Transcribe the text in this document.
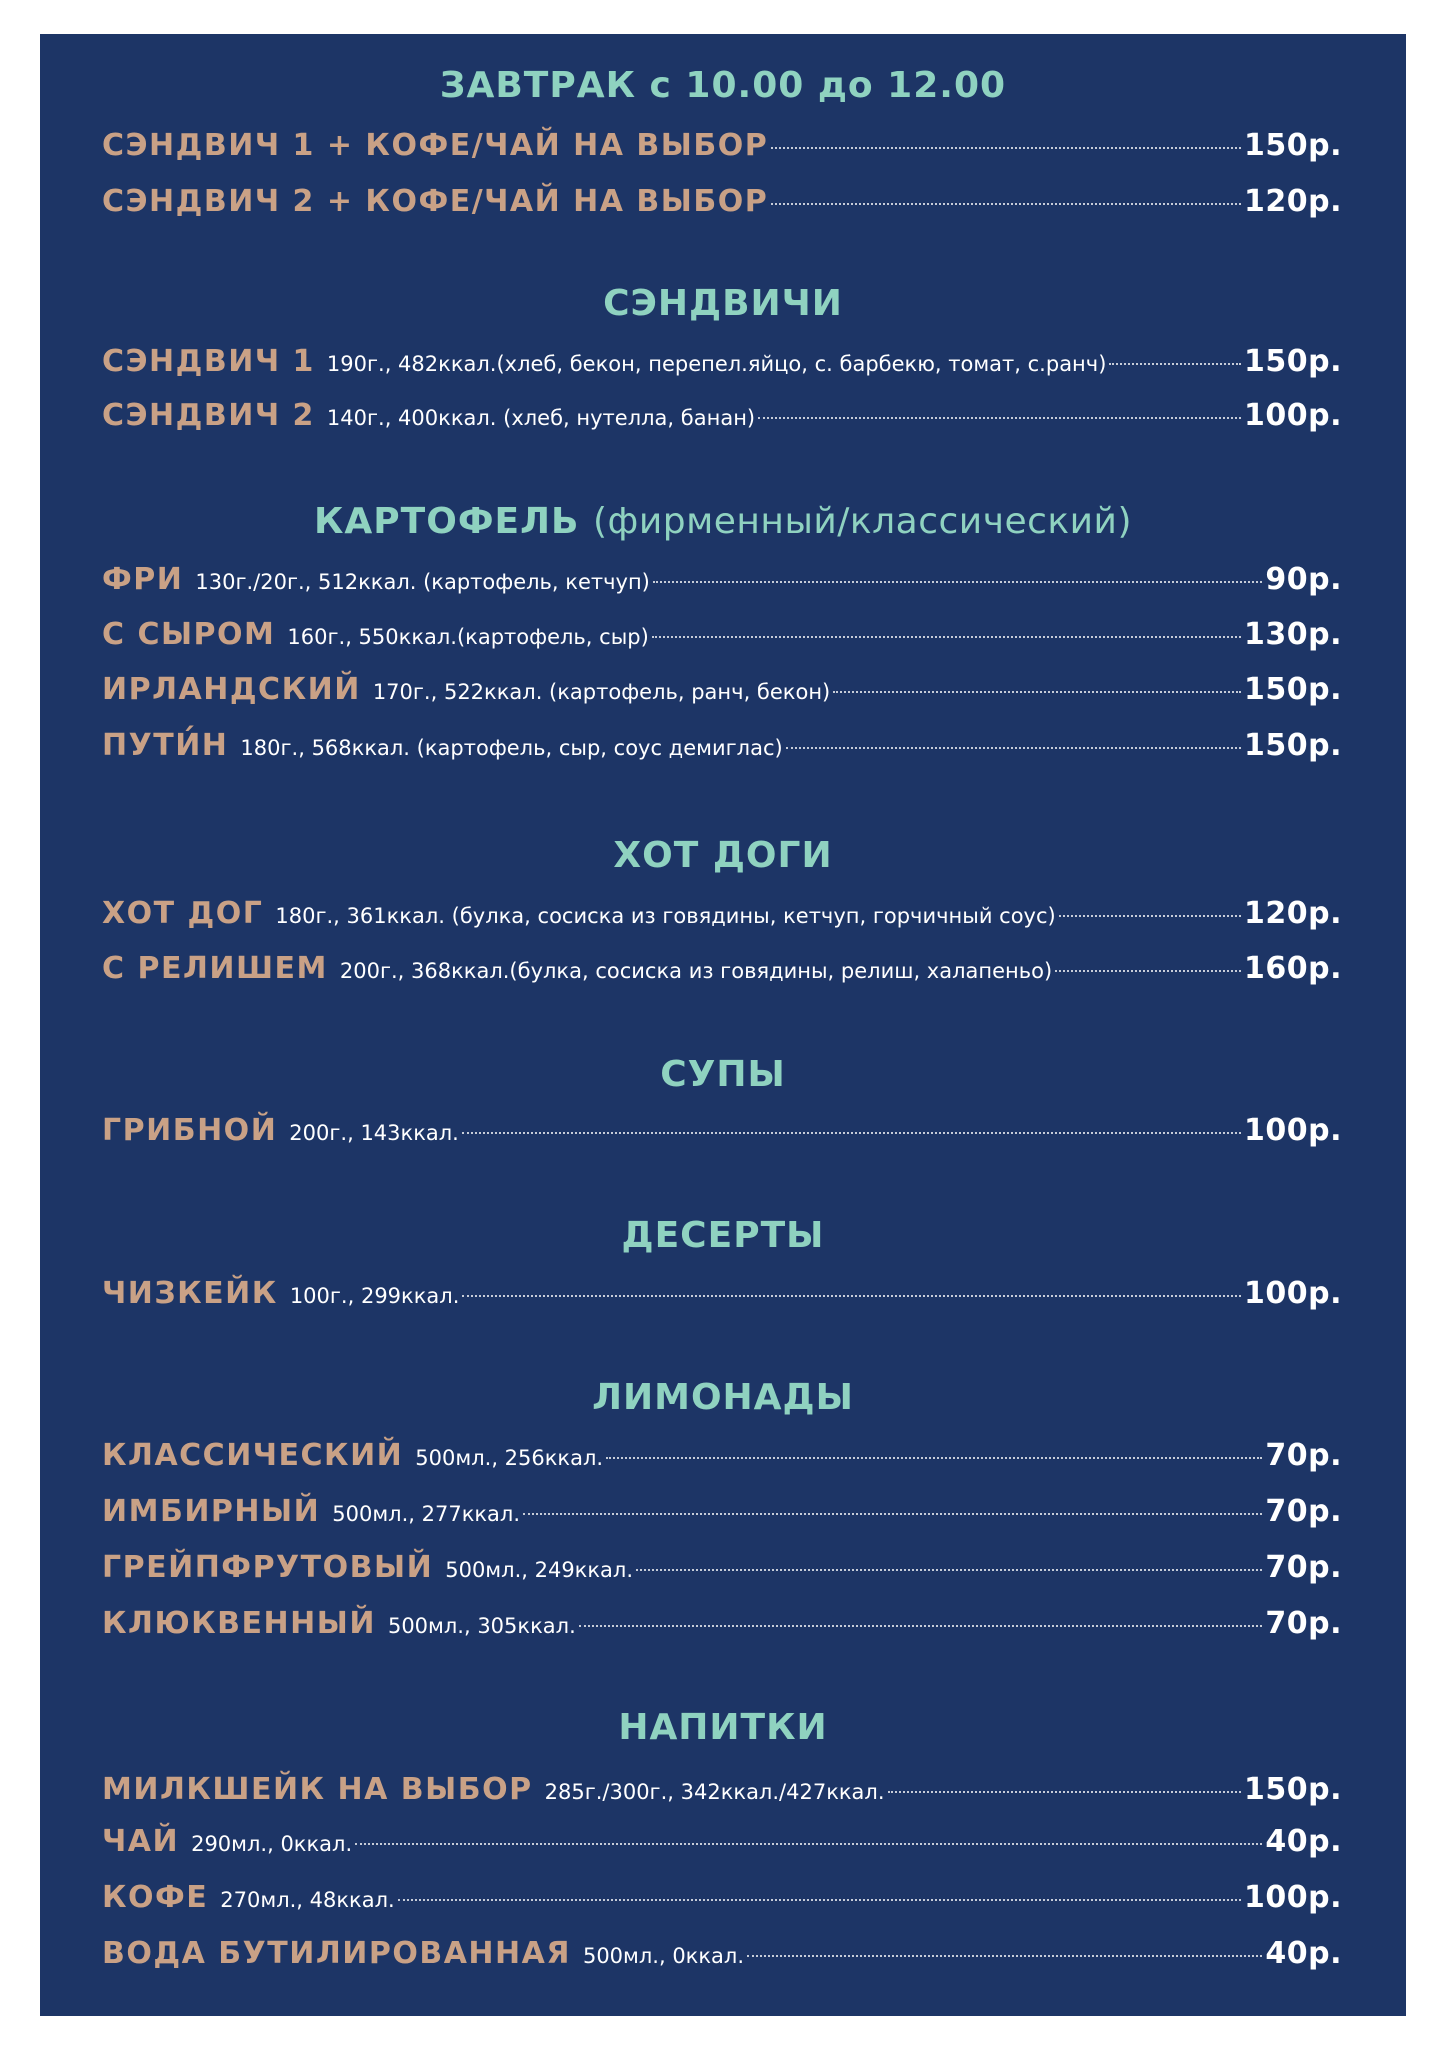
ЗАВТРАК с 10.00 до 12.00
СЭНДВИЧ 1 + КОФЕ/ЧАЙ НА ВЫБОР	150р.
СЭНДВИЧ 2 + КОФЕ/ЧАЙ НА ВЫБОР	120р.
СЭНДВИЧИ
СЭНДВИЧ 1 190г., 482ккал.(хлеб, бекон, перепел.яйцо, с. барбекю, томат, с.ранч)	150р.
СЭНДВИЧ 2 140г., 400ккал. (хлеб, нутелла, банан)	100р.
КАРТОФЕЛЬ (фирменный/классический)
ФРИ 130г./20г., 512ккал. (картофель, кетчуп)	90р.
С СЫРОМ 160г., 550ккал.(картофель, сыр)	130р.
ИРЛАНДСКИЙ 170г., 522ккал. (картофель, ранч, бекон)	150р.
ПУТИ́Н 180г., 568ккал. (картофель, сыр, соус демиглас)	150р.
ХОТ ДОГИ
ХОТ ДОГ 180г., 361ккал. (булка, сосиска из говядины, кетчуп, горчичный соус)	120р.
С РЕЛИШЕМ 200г., 368ккал.(булка, сосиска из говядины, релиш, халапеньо)	160р.
СУПЫ
ГРИБНОЙ 200г., 143ккал.	100р.
ДЕСЕРТЫ
ЧИЗКЕЙК 100г., 299ккал.	100р.
ЛИМОНАДЫ
КЛАССИЧЕСКИЙ 500мл., 256ккал.	70р.
ИМБИРНЫЙ 500мл., 277ккал.	70р.
ГРЕЙПФРУТОВЫЙ 500мл., 249ккал.	70р.
КЛЮКВЕННЫЙ 500мл., 305ккал.	70р.
НАПИТКИ
МИЛКШЕЙК НА ВЫБОР 285г./300г., 342ккал./427ккал.	150р.
ЧАЙ 290мл., 0ккал.	40р.
КОФЕ 270мл., 48ккал.	100р.
ВОДА БУТИЛИРОВАННАЯ 500мл., 0ккал.	40р.
